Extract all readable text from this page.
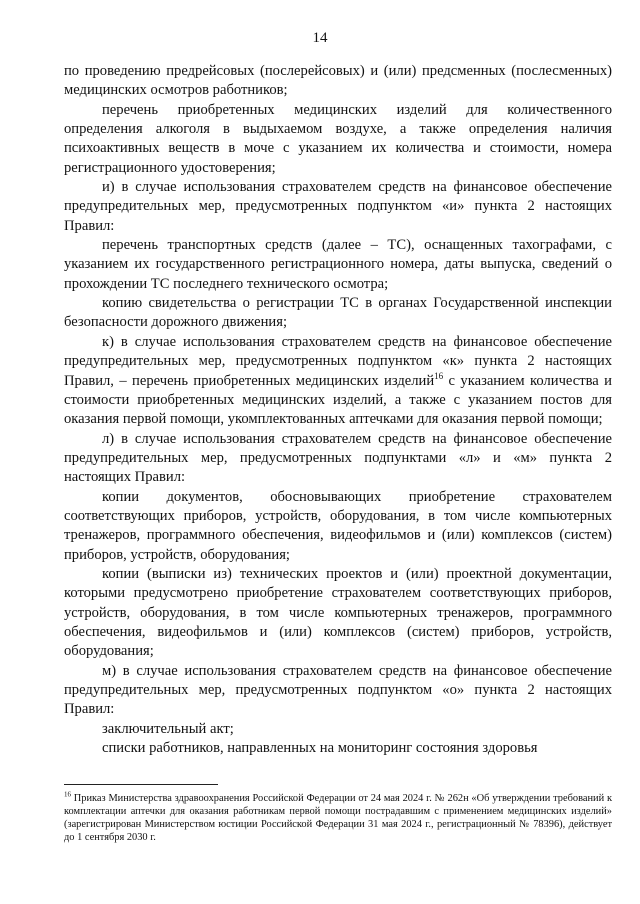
14

по проведению предрейсовых (послерейсовых) и (или) предсменных (послесменных) медицинских осмотров работников;

перечень приобретенных медицинских изделий для количественного определения алкоголя в выдыхаемом воздухе, а также определения наличия психоактивных веществ в моче с указанием их количества и стоимости, номера регистрационного удостоверения;

и) в случае использования страхователем средств на финансовое обеспечение предупредительных мер, предусмотренных подпунктом «и» пункта 2 настоящих Правил:

перечень транспортных средств (далее – ТС), оснащенных тахографами, с указанием их государственного регистрационного номера, даты выпуска, сведений о прохождении ТС последнего технического осмотра;

копию свидетельства о регистрации ТС в органах Государственной инспекции безопасности дорожного движения;

к) в случае использования страхователем средств на финансовое обеспечение предупредительных мер, предусмотренных подпунктом «к» пункта 2 настоящих Правил, – перечень приобретенных медицинских изделий$^{16}$ с указанием количества и стоимости приобретенных медицинских изделий, а также с указанием постов для оказания первой помощи, укомплектованных аптечками для оказания первой помощи;

л) в случае использования страхователем средств на финансовое обеспечение предупредительных мер, предусмотренных подпунктами «л» и «м» пункта 2 настоящих Правил:

копии документов, обосновывающих приобретение страхователем соответствующих приборов, устройств, оборудования, в том числе компьютерных тренажеров, программного обеспечения, видеофильмов и (или) комплексов (систем) приборов, устройств, оборудования;

копии (выписки из) технических проектов и (или) проектной документации, которыми предусмотрено приобретение страхователем соответствующих приборов, устройств, оборудования, в том числе компьютерных тренажеров, программного обеспечения, видеофильмов и (или) комплексов (систем) приборов, устройств, оборудования;

м) в случае использования страхователем средств на финансовое обеспечение предупредительных мер, предусмотренных подпунктом «о» пункта 2 настоящих Правил:

заключительный акт;

списки работников, направленных на мониторинг состояния здоровья

$^{16}$ Приказ Министерства здравоохранения Российской Федерации от 24 мая 2024 г. № 262н «Об утверждении требований к комплектации аптечки для оказания работникам первой помощи пострадавшим с применением медицинских изделий» (зарегистрирован Министерством юстиции Российской Федерации 31 мая 2024 г., регистрационный № 78396), действует до 1 сентября 2030 г.
